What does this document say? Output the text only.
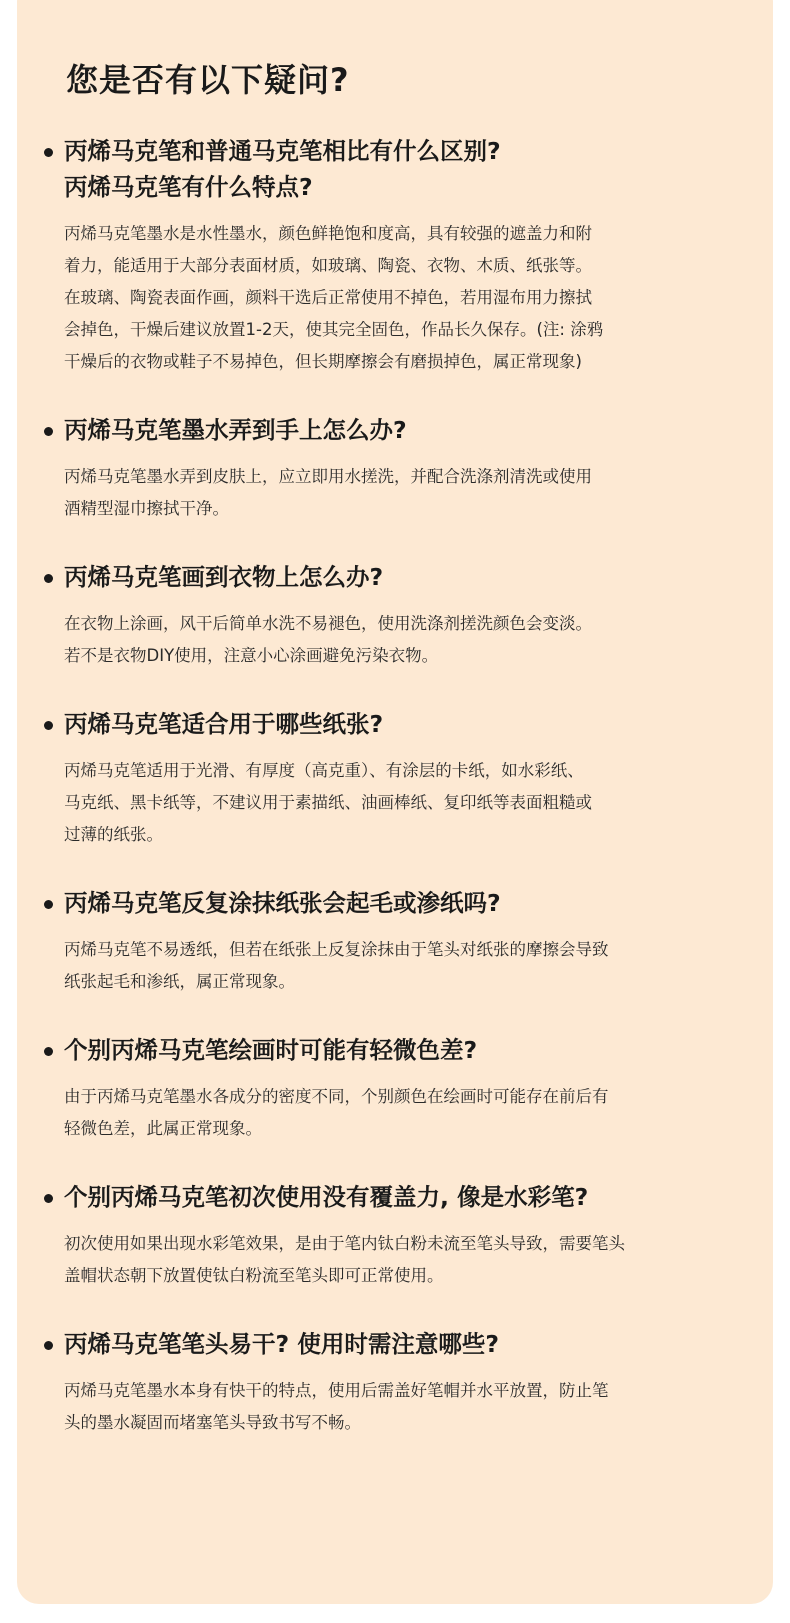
您是否有以下疑问?
丙烯马克笔和普通马克笔相比有什么区别?
丙烯马克笔有什么特点?
丙烯马克笔墨水是水性墨水，颜色鲜艳饱和度高，具有较强的遮盖力和附
着力，能适用于大部分表面材质，如玻璃、陶瓷、衣物、木质、纸张等。
在玻璃、陶瓷表面作画，颜料干选后正常使用不掉色，若用湿布用力擦拭
会掉色，干燥后建议放置1-2天，使其完全固色，作品长久保存。(注: 涂鸦
干燥后的衣物或鞋子不易掉色，但长期摩擦会有磨损掉色，属正常现象)
丙烯马克笔墨水弄到手上怎么办?
丙烯马克笔墨水弄到皮肤上，应立即用水搓洗，并配合洗涤剂清洗或使用
酒精型湿巾擦拭干净。
丙烯马克笔画到衣物上怎么办?
在衣物上涂画，风干后简单水洗不易褪色，使用洗涤剂搓洗颜色会变淡。
若不是衣物DIY使用，注意小心涂画避免污染衣物。
丙烯马克笔适合用于哪些纸张?
丙烯马克笔适用于光滑、有厚度（高克重）、有涂层的卡纸，如水彩纸、
马克纸、黑卡纸等，不建议用于素描纸、油画棒纸、复印纸等表面粗糙或
过薄的纸张。
丙烯马克笔反复涂抹纸张会起毛或渗纸吗?
丙烯马克笔不易透纸，但若在纸张上反复涂抹由于笔头对纸张的摩擦会导致
纸张起毛和渗纸，属正常现象。
个别丙烯马克笔绘画时可能有轻微色差?
由于丙烯马克笔墨水各成分的密度不同，个别颜色在绘画时可能存在前后有
轻微色差，此属正常现象。
个别丙烯马克笔初次使用没有覆盖力, 像是水彩笔?
初次使用如果出现水彩笔效果，是由于笔内钛白粉未流至笔头导致，需要笔头
盖帽状态朝下放置使钛白粉流至笔头即可正常使用。
丙烯马克笔笔头易干? 使用时需注意哪些?
丙烯马克笔墨水本身有快干的特点，使用后需盖好笔帽并水平放置，防止笔
头的墨水凝固而堵塞笔头导致书写不畅。
